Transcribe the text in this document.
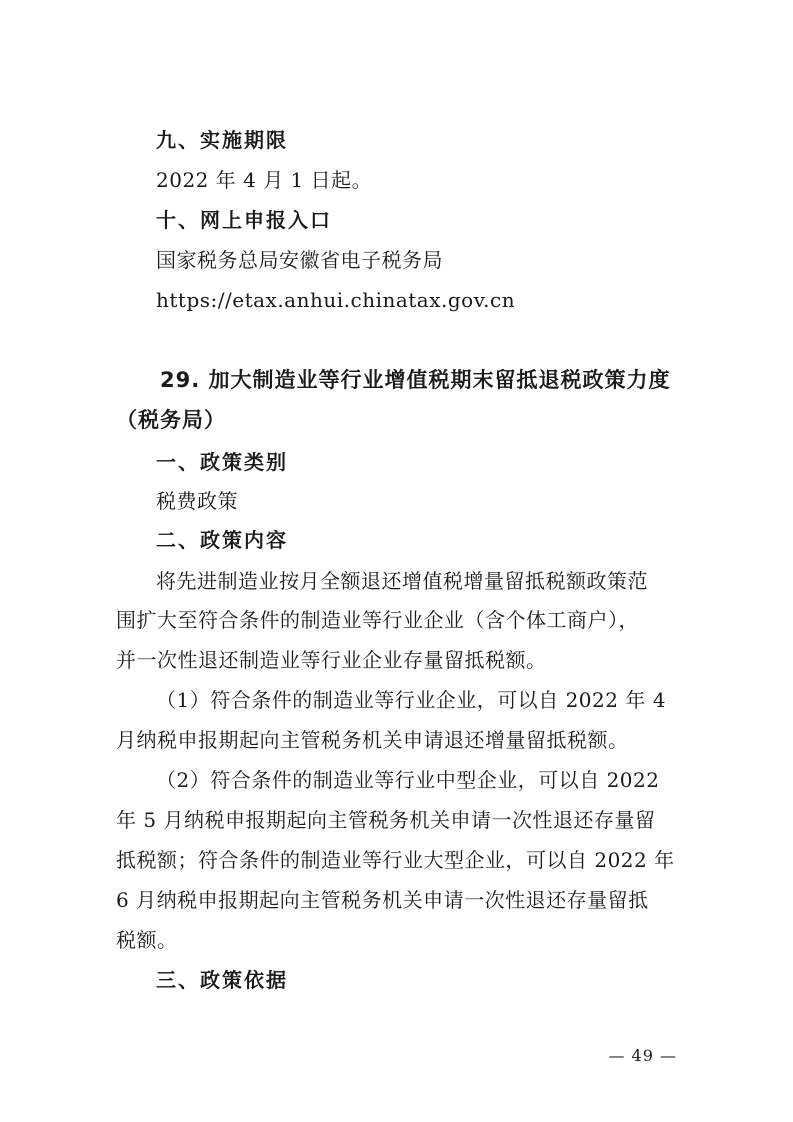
九、实施期限
2022 年 4 月 1 日起。
十、网上申报入口
国家税务总局安徽省电子税务局
https://etax.anhui.chinatax.gov.cn
29. 加大制造业等行业增值税期末留抵退税政策力度
（税务局）
一、政策类别
税费政策
二、政策内容
将先进制造业按月全额退还增值税增量留抵税额政策范
围扩大至符合条件的制造业等行业企业（含个体工商户），
并一次性退还制造业等行业企业存量留抵税额。
（1）符合条件的制造业等行业企业，可以自 2022 年 4
月纳税申报期起向主管税务机关申请退还增量留抵税额。
（2）符合条件的制造业等行业中型企业，可以自 2022
年 5 月纳税申报期起向主管税务机关申请一次性退还存量留
抵税额；符合条件的制造业等行业大型企业，可以自 2022 年
6 月纳税申报期起向主管税务机关申请一次性退还存量留抵
税额。
三、政策依据
— 49 —
